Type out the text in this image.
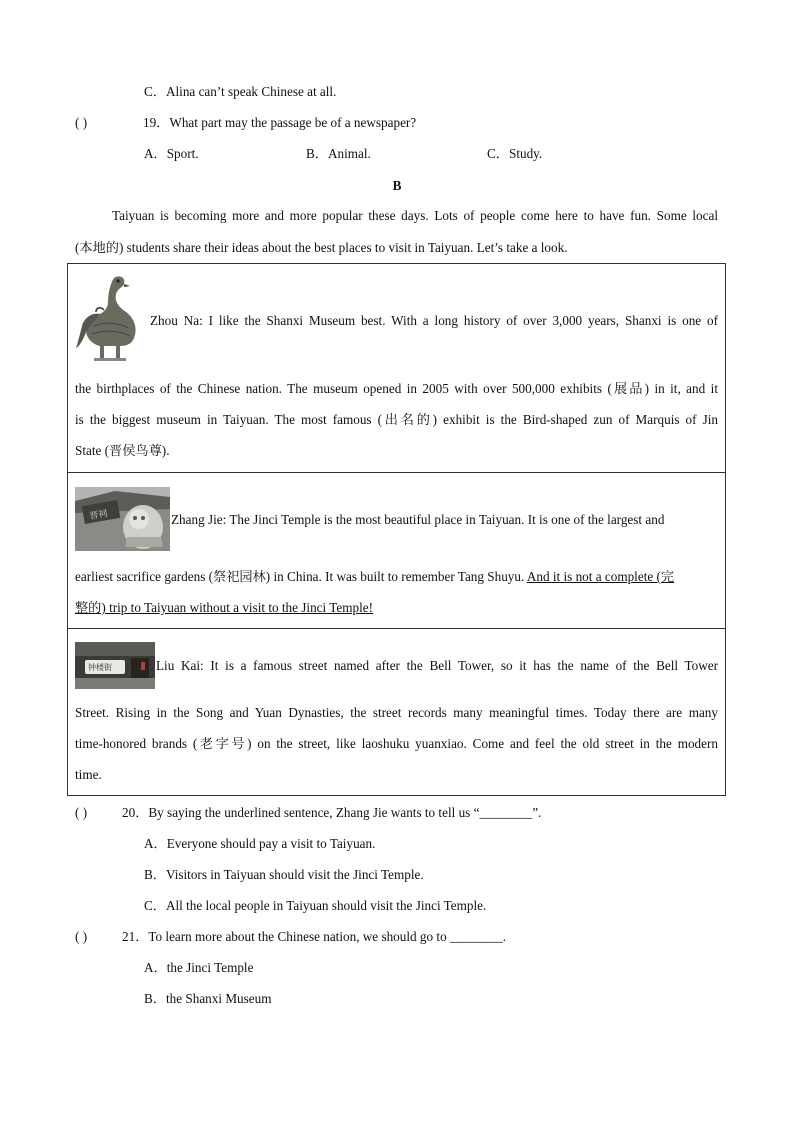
C．Alina can’t speak Chinese at all.
( )	19．What part may the passage be of a newspaper?
A．Sport.	B．Animal.	C．Study.
B
Taiyuan is becoming more and more popular these days. Lots of people come here to have fun. Some local
(本地的) students share their ideas about the best places to visit in Taiyuan. Let’s take a look.
Zhou Na: I like the Shanxi Museum best. With a long history of over 3,000 years, Shanxi is one of
the birthplaces of the Chinese nation. The museum opened in 2005 with over 500,000 exhibits (展品) in it, and it
is the biggest museum in Taiyuan. The most famous (出名的) exhibit is the Bird-shaped zun of Marquis of Jin
State (晋侯鸟尊).
晋祠	Zhang Jie: The Jinci Temple is the most beautiful place in Taiyuan. It is one of the largest and
earliest sacrifice gardens (祭祀园林) in China. It was built to remember Tang Shuyu. And it is not a complete (完
整的) trip to Taiyuan without a visit to the Jinci Temple!
钟楼街	Liu Kai: It is a famous street named after the Bell Tower, so it has the name of the Bell Tower
Street. Rising in the Song and Yuan Dynasties, the street records many meaningful times. Today there are many
time-honored brands (老字号) on the street, like laoshuku yuanxiao. Come and feel the old street in the modern
time.
( )	20．By saying the underlined sentence, Zhang Jie wants to tell us “________”.
A．Everyone should pay a visit to Taiyuan.
B．Visitors in Taiyuan should visit the Jinci Temple.
C．All the local people in Taiyuan should visit the Jinci Temple.
( )	21．To learn more about the Chinese nation, we should go to ________.
A．the Jinci Temple
B．the Shanxi Museum
